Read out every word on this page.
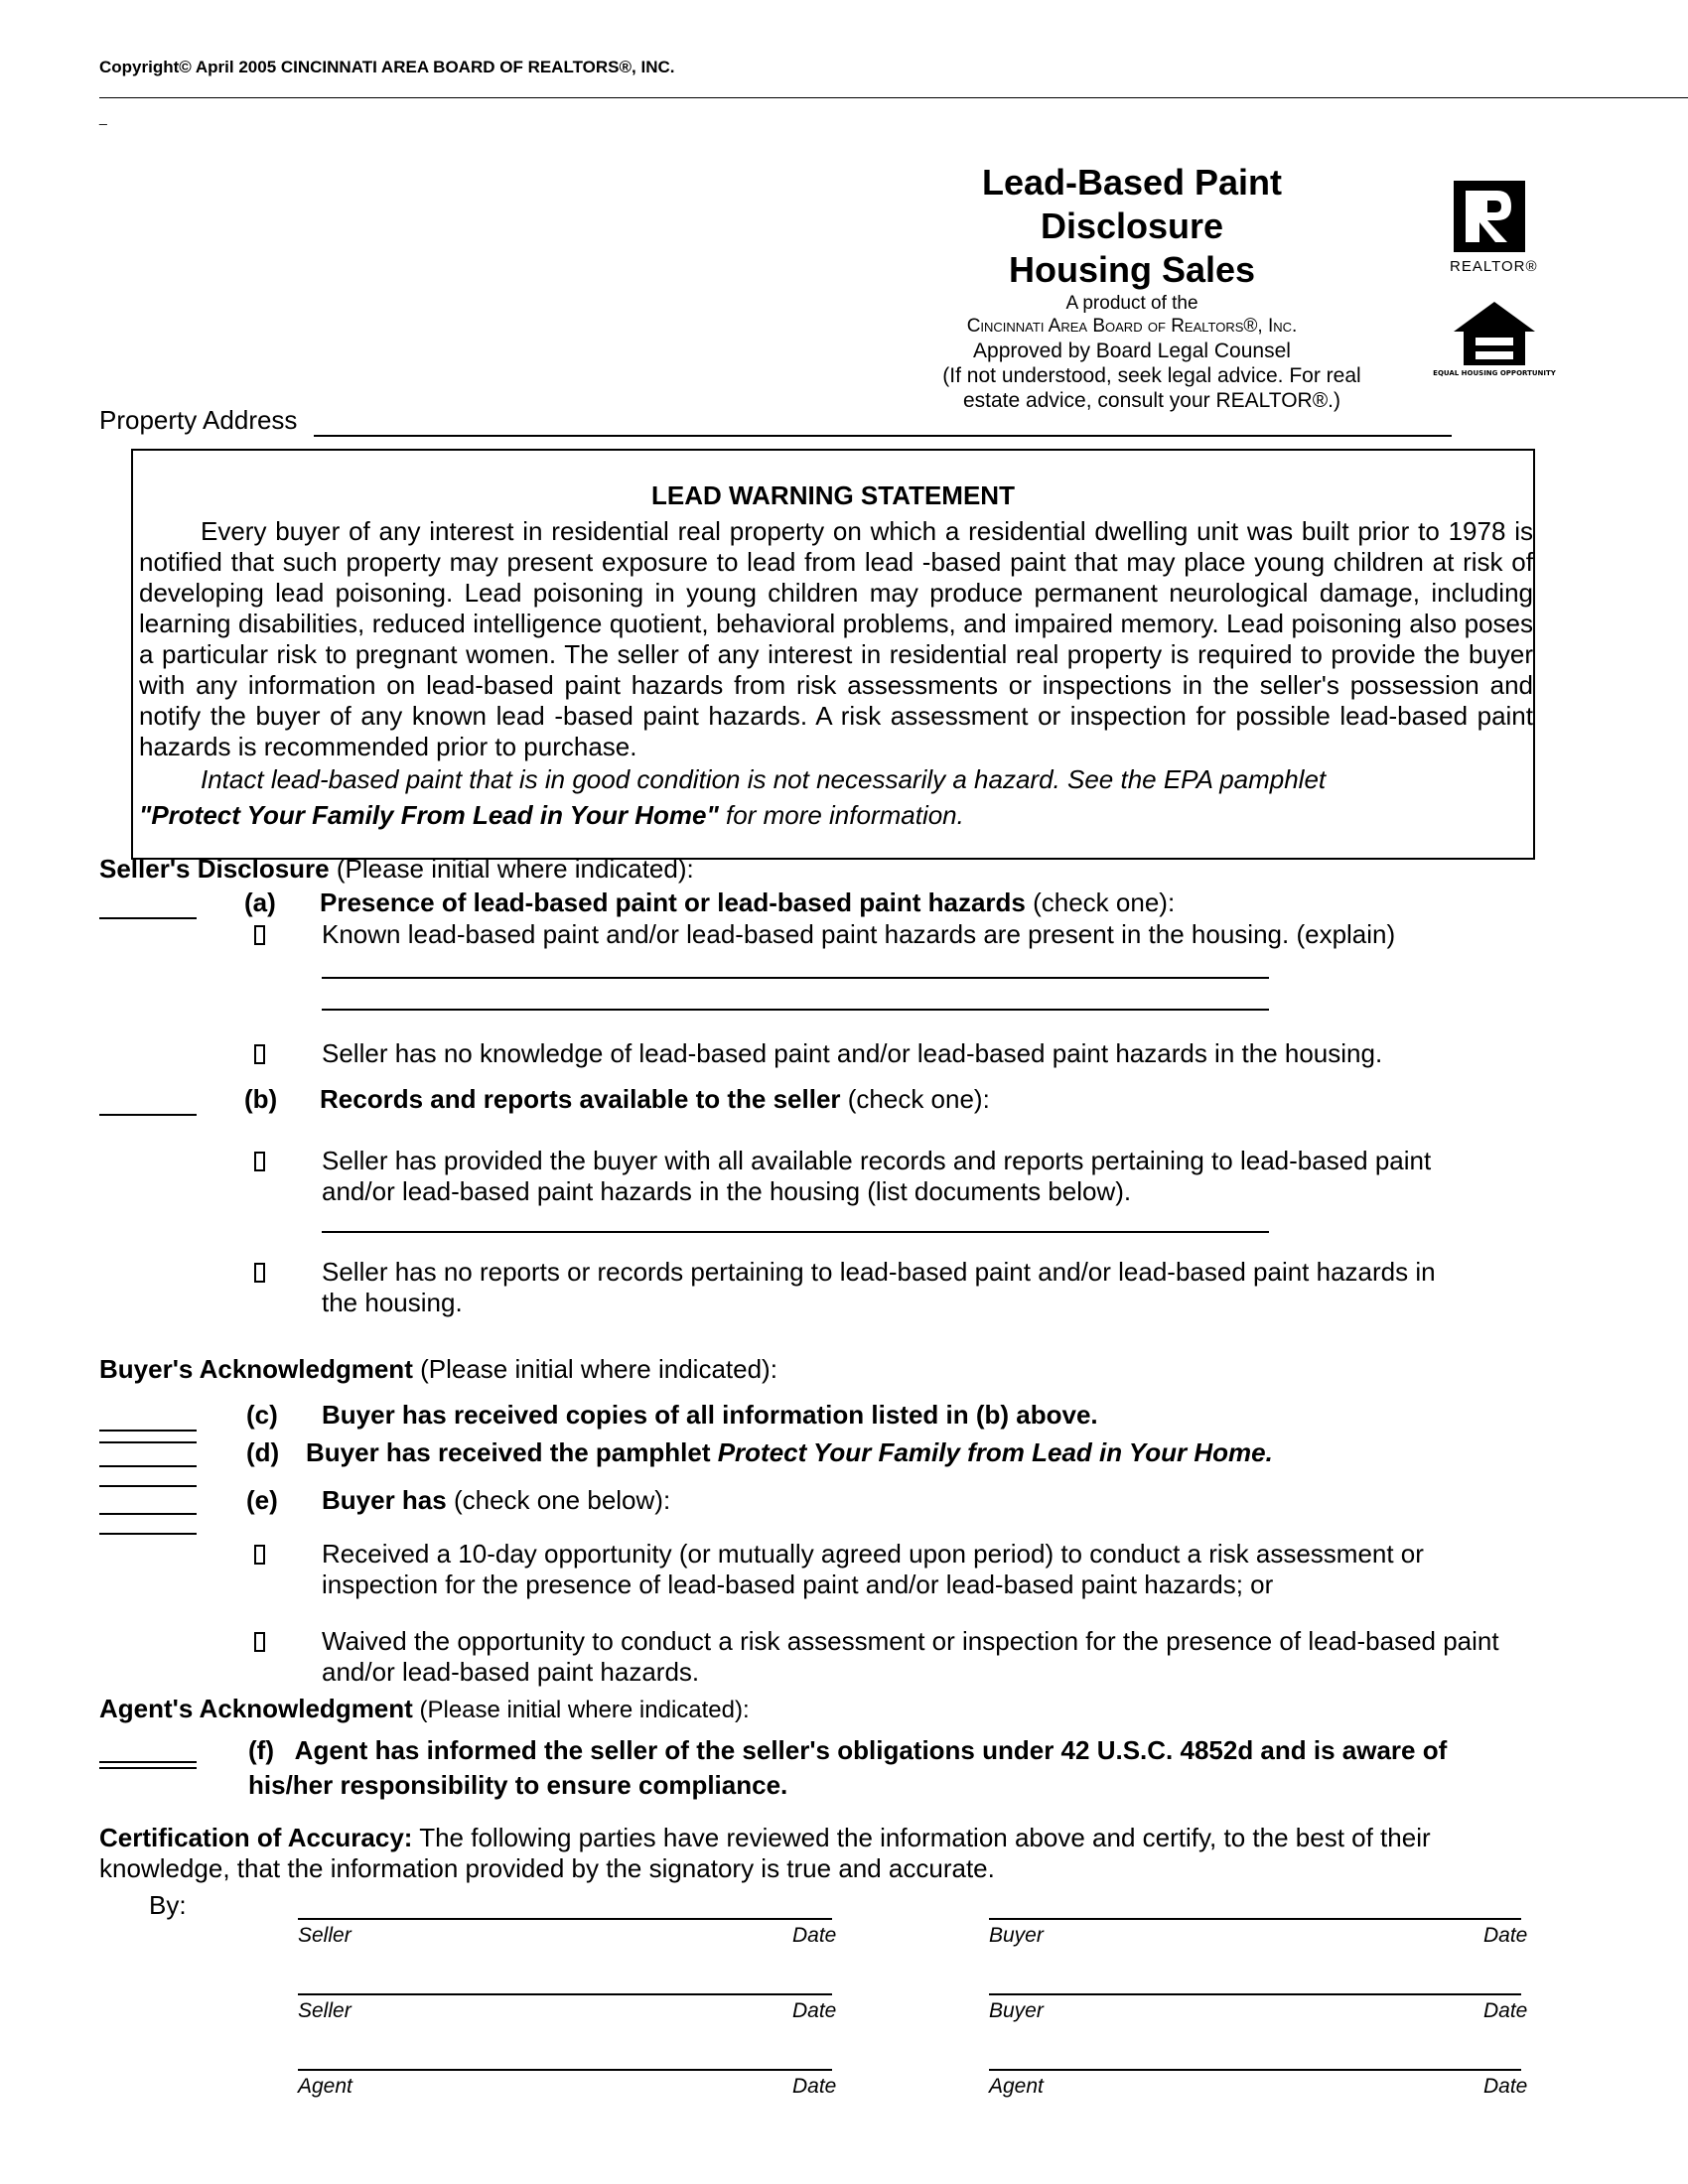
Copyright© April 2005 CINCINNATI AREA BOARD OF REALTORS®, INC.
_
Lead-Based Paint Disclosure
Housing Sales
A product of the
Cincinnati Area Board of Realtors®, Inc.
Approved by Board Legal Counsel
(If not understood, seek legal advice. For real
estate advice, consult your REALTOR®.)
REALTOR®
EQUAL HOUSING OPPORTUNITY
Property Address
LEAD WARNING STATEMENT
Every buyer of any interest in residential real property on which a residential dwelling unit was built prior to 1978 is notified that such property may present exposure to lead from lead -based paint that may place young children at risk of developing lead poisoning. Lead poisoning in young children may produce permanent neurological damage, including learning disabilities, reduced intelligence quotient, behavioral problems, and impaired memory. Lead poisoning also poses a particular risk to pregnant women. The seller of any interest in residential real property is required to provide the buyer with any information on lead-based paint hazards from risk assessments or inspections in the seller's possession and notify the buyer of any known lead -based paint hazards. A risk assessment or inspection for possible lead-based paint hazards is recommended prior to purchase.
Intact lead-based paint that is in good condition is not necessarily a hazard. See the EPA pamphlet
"Protect Your Family From Lead in Your Home" for more information.
Seller's Disclosure (Please initial where indicated):
(a) Presence of lead-based paint or lead-based paint hazards (check one):
Known lead-based paint and/or lead-based paint hazards are present in the housing. (explain)
Seller has no knowledge of lead-based paint and/or lead-based paint hazards in the housing.
(b) Records and reports available to the seller (check one):
Seller has provided the buyer with all available records and reports pertaining to lead-based paint
and/or lead-based paint hazards in the housing (list documents below).
Seller has no reports or records pertaining to lead-based paint and/or lead-based paint hazards in
the housing.
Buyer's Acknowledgment (Please initial where indicated):
(c) Buyer has received copies of all information listed in (b) above.
(d) Buyer has received the pamphlet Protect Your Family from Lead in Your Home.
(e) Buyer has (check one below):
Received a 10-day opportunity (or mutually agreed upon period) to conduct a risk assessment or
inspection for the presence of lead-based paint and/or lead-based paint hazards; or
Waived the opportunity to conduct a risk assessment or inspection for the presence of lead-based paint
and/or lead-based paint hazards.
Agent's Acknowledgment (Please initial where indicated):
(f)   Agent has informed the seller of the seller's obligations under 42 U.S.C. 4852d and is aware of
his/her responsibility to ensure compliance.
Certification of Accuracy: The following parties have reviewed the information above and certify, to the best of their
knowledge, that the information provided by the signatory is true and accurate.
By:
Seller	Date	Buyer	Date
Seller	Date	Buyer	Date
Agent	Date	Agent	Date
